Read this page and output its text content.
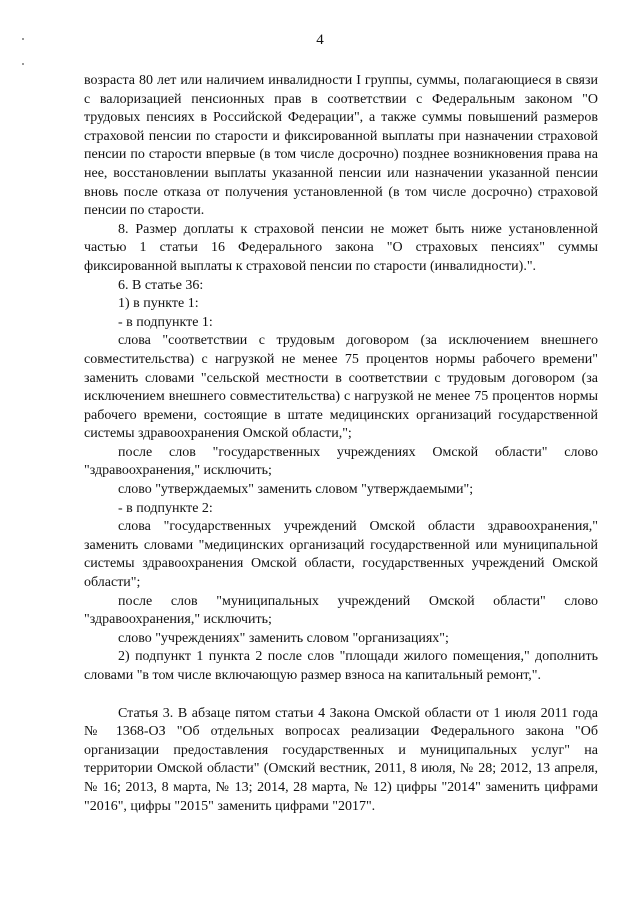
4

возраста 80 лет или наличием инвалидности I группы, суммы, полагающиеся в связи с валоризацией пенсионных прав в соответствии с Федеральным законом "О трудовых пенсиях в Российской Федерации", а также суммы повышений размеров страховой пенсии по старости и фиксированной выплаты при назначении страховой пенсии по старости впервые (в том числе досрочно) позднее возникновения права на нее, восстановлении выплаты указанной пенсии или назначении указанной пенсии вновь после отказа от получения установленной (в том числе досрочно) страховой пенсии по старости.

8. Размер доплаты к страховой пенсии не может быть ниже установленной частью 1 статьи 16 Федерального закона "О страховых пенсиях" суммы фиксированной выплаты к страховой пенсии по старости (инвалидности).".

6. В статье 36:

1) в пункте 1:

- в подпункте 1:

слова "соответствии с трудовым договором (за исключением внешнего совместительства) с нагрузкой не менее 75 процентов нормы рабочего времени" заменить словами "сельской местности в соответствии с трудовым договором (за исключением внешнего совместительства) с нагрузкой не менее 75 процентов нормы рабочего времени, состоящие в штате медицинских организаций государственной системы здравоохранения Омской области,";

после слов "государственных учреждениях Омской области" слово "здравоохранения," исключить;

слово "утверждаемых" заменить словом "утверждаемыми";

- в подпункте 2:

слова "государственных учреждений Омской области здравоохранения," заменить словами "медицинских организаций государственной или муниципальной системы здравоохранения Омской области, государственных учреждений Омской области";

после слов "муниципальных учреждений Омской области" слово "здравоохранения," исключить;

слово "учреждениях" заменить словом "организациях";

2) подпункт 1 пункта 2 после слов "площади жилого помещения," дополнить словами "в том числе включающую размер взноса на капитальный ремонт,".

Статья 3. В абзаце пятом статьи 4 Закона Омской области от 1 июля 2011 года № 1368-ОЗ "Об отдельных вопросах реализации Федерального закона "Об организации предоставления государственных и муниципальных услуг" на территории Омской области" (Омский вестник, 2011, 8 июля, № 28; 2012, 13 апреля, № 16; 2013, 8 марта, № 13; 2014, 28 марта, № 12) цифры "2014" заменить цифрами "2016", цифры "2015" заменить цифрами "2017".
